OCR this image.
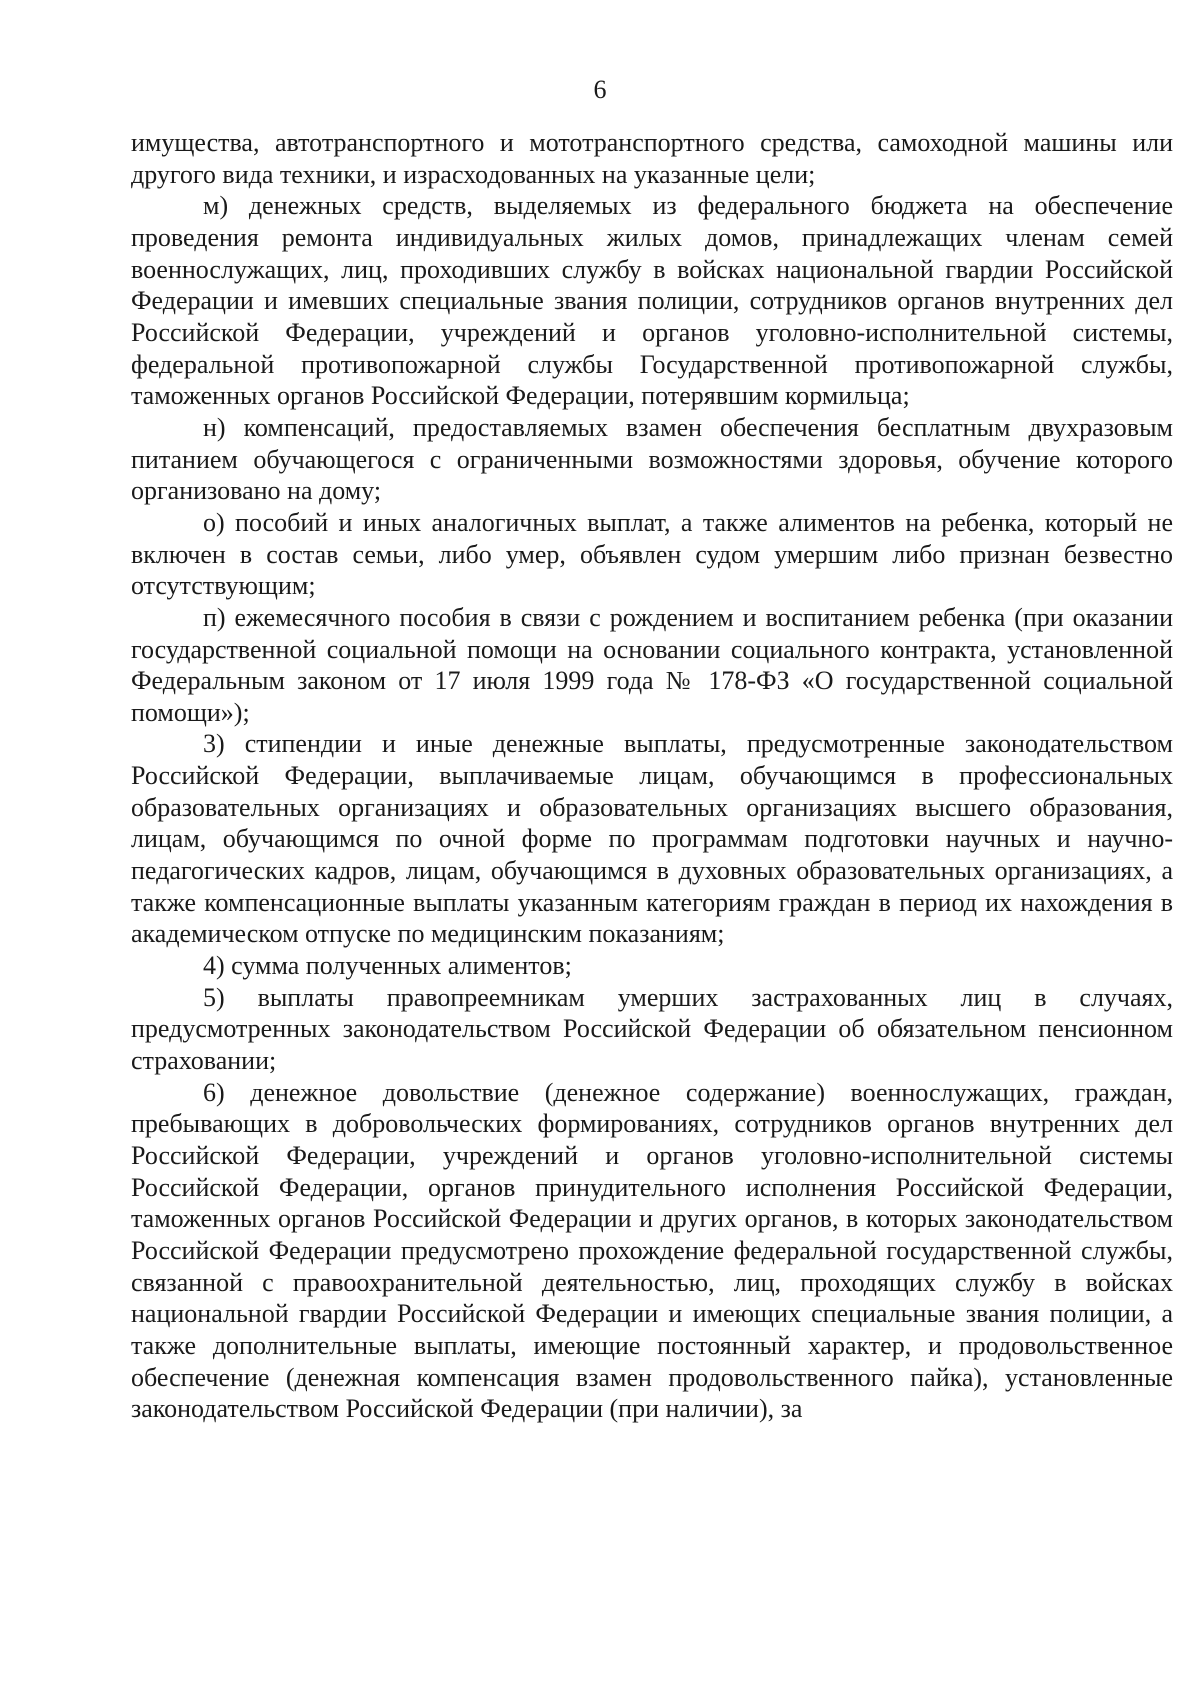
6

имущества, автотранспортного и мототранспортного средства, самоходной машины или другого вида техники, и израсходованных на указанные цели;

м) денежных средств, выделяемых из федерального бюджета на обеспечение проведения ремонта индивидуальных жилых домов, принадлежащих членам семей военнослужащих, лиц, проходивших службу в войсках национальной гвардии Российской Федерации и имевших специальные звания полиции, сотрудников органов внутренних дел Российской Федерации, учреждений и органов уголовно-исполнительной системы, федеральной противопожарной службы Государственной противопожарной службы, таможенных органов Российской Федерации, потерявшим кормильца;

н) компенсаций, предоставляемых взамен обеспечения бесплатным двухразовым питанием обучающегося с ограниченными возможностями здоровья, обучение которого организовано на дому;

о) пособий и иных аналогичных выплат, а также алиментов на ребенка, который не включен в состав семьи, либо умер, объявлен судом умершим либо признан безвестно отсутствующим;

п) ежемесячного пособия в связи с рождением и воспитанием ребенка (при оказании государственной социальной помощи на основании социального контракта, установленной Федеральным законом от 17 июля 1999 года № 178-ФЗ «О государственной социальной помощи»);

3) стипендии и иные денежные выплаты, предусмотренные законодательством Российской Федерации, выплачиваемые лицам, обучающимся в профессиональных образовательных организациях и образовательных организациях высшего образования, лицам, обучающимся по очной форме по программам подготовки научных и научно-педагогических кадров, лицам, обучающимся в духовных образовательных организациях, а также компенсационные выплаты указанным категориям граждан в период их нахождения в академическом отпуске по медицинским показаниям;

4) сумма полученных алиментов;

5) выплаты правопреемникам умерших застрахованных лиц в случаях, предусмотренных законодательством Российской Федерации об обязательном пенсионном страховании;

6) денежное довольствие (денежное содержание) военнослужащих, граждан, пребывающих в добровольческих формированиях, сотрудников органов внутренних дел Российской Федерации, учреждений и органов уголовно-исполнительной системы Российской Федерации, органов принудительного исполнения Российской Федерации, таможенных органов Российской Федерации и других органов, в которых законодательством Российской Федерации предусмотрено прохождение федеральной государственной службы, связанной с правоохранительной деятельностью, лиц, проходящих службу в войсках национальной гвардии Российской Федерации и имеющих специальные звания полиции, а также дополнительные выплаты, имеющие постоянный характер, и продовольственное обеспечение (денежная компенсация взамен продовольственного пайка), установленные законодательством Российской Федерации (при наличии), за
